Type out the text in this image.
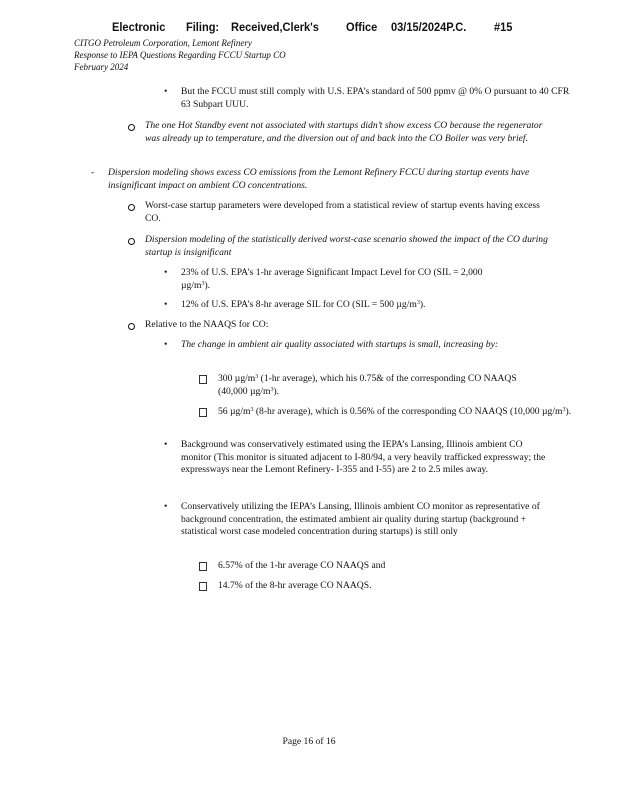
Electronic Filing: Received,Clerk's Office 03/15/2024P.C. #15
CITGO Petroleum Corporation, Lemont Refinery
Response to IEPA Questions Regarding FCCU Startup CO
February 2024
• But the FCCU must still comply with U.S. EPA’s standard of 500 ppmv @ 0% O pursuant to 40 CFR 63 Subpart UUU.
The one Hot Standby event not associated with startups didn’t show excess CO because the regenerator was already up to temperature, and the diversion out of and back into the CO Boiler was very brief.
- Dispersion modeling shows excess CO emissions from the Lemont Refinery FCCU during startup events have insignificant impact on ambient CO concentrations.
Worst-case startup parameters were developed from a statistical review of startup events having excess CO.
Dispersion modeling of the statistically derived worst-case scenario showed the impact of the CO during startup is insignificant
• 23% of U.S. EPA’s 1-hr average Significant Impact Level for CO (SIL = 2,000
$\mu g/m^3$).
• 12% of U.S. EPA’s 8-hr average SIL for CO (SIL = 500 $\mu g/m^3$).
Relative to the NAAQS for CO:
• The change in ambient air quality associated with startups is small, increasing by:
300 $\mu g/m^3$ (1-hr average), which his 0.75& of the corresponding CO NAAQS (40,000 $\mu g/m^3$).
56 $\mu g/m^3$ (8-hr average), which is 0.56% of the corresponding CO NAAQS (10,000 $\mu g/m^3$).
• Background was conservatively estimated using the IEPA’s Lansing, Illinois ambient CO monitor (This monitor is situated adjacent to I-80/94, a very heavily trafficked expressway; the expressways near the Lemont Refinery- I-355 and I-55) are 2 to 2.5 miles away.
• Conservatively utilizing the IEPA’s Lansing, Illinois ambient CO monitor as representative of background concentration, the estimated ambient air quality during startup (background + statistical worst case modeled concentration during startups) is still only
6.57% of the 1-hr average CO NAAQS and
14.7% of the 8-hr average CO NAAQS.
Page 16 of 16
